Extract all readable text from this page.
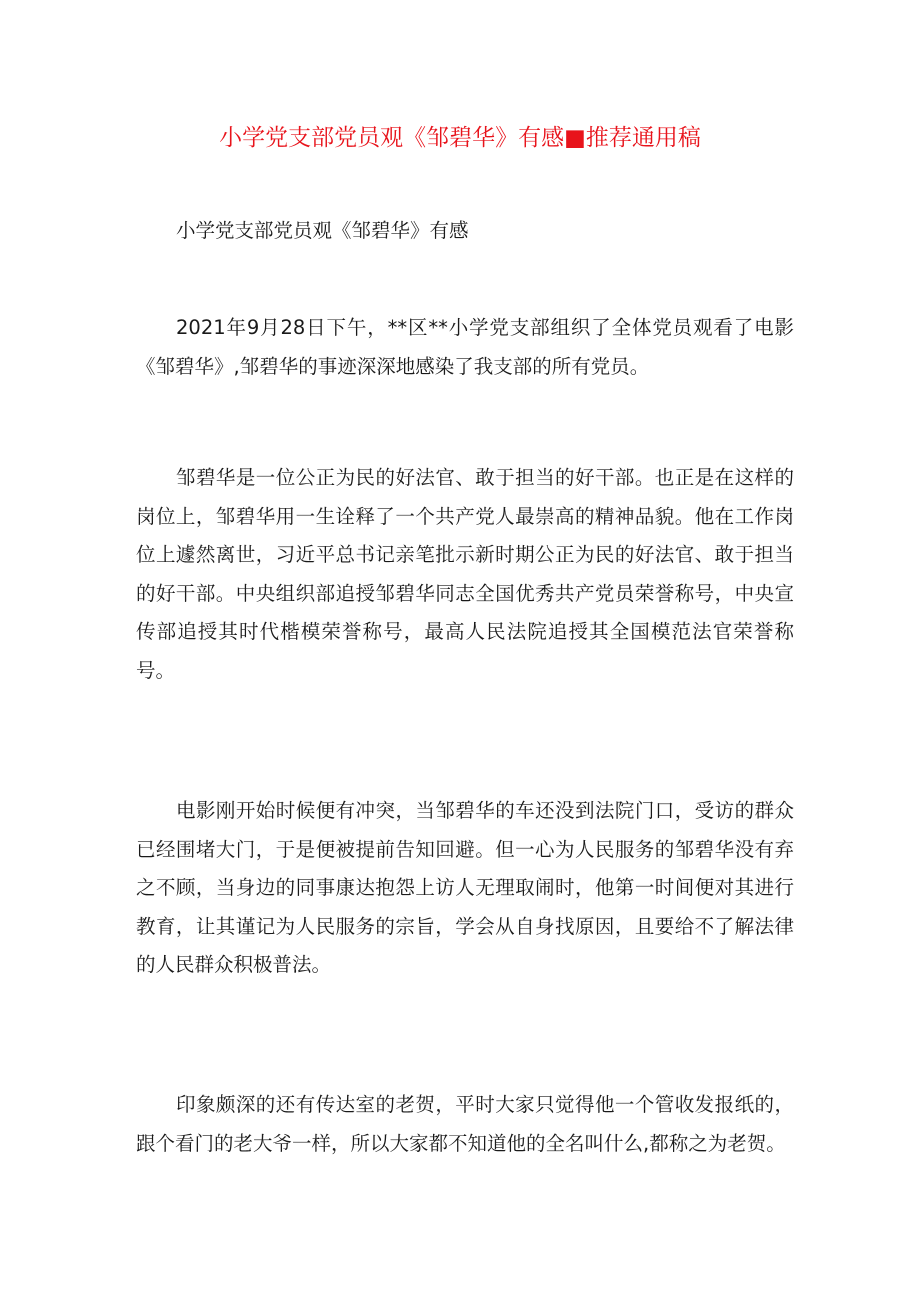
小学党支部党员观《邹碧华》有感■推荐通用稿

小学党支部党员观《邹碧华》有感

2021年9月28日下午，**区**小学党支部组织了全体党员观看了电影《邹碧华》,邹碧华的事迹深深地感染了我支部的所有党员。

邹碧华是一位公正为民的好法官、敢于担当的好干部。也正是在这样的岗位上，邹碧华用一生诠释了一个共产党人最崇高的精神品貌。他在工作岗位上遽然离世，习近平总书记亲笔批示新时期公正为民的好法官、敢于担当的好干部。中央组织部追授邹碧华同志全国优秀共产党员荣誉称号，中央宣传部追授其时代楷模荣誉称号，最高人民法院追授其全国模范法官荣誉称号。

电影刚开始时候便有冲突，当邹碧华的车还没到法院门口，受访的群众已经围堵大门，于是便被提前告知回避。但一心为人民服务的邹碧华没有弃之不顾，当身边的同事康达抱怨上访人无理取闹时，他第一时间便对其进行教育，让其谨记为人民服务的宗旨，学会从自身找原因，且要给不了解法律的人民群众积极普法。

印象颇深的还有传达室的老贺，平时大家只觉得他一个管收发报纸的，跟个看门的老大爷一样，所以大家都不知道他的全名叫什么,都称之为老贺。
